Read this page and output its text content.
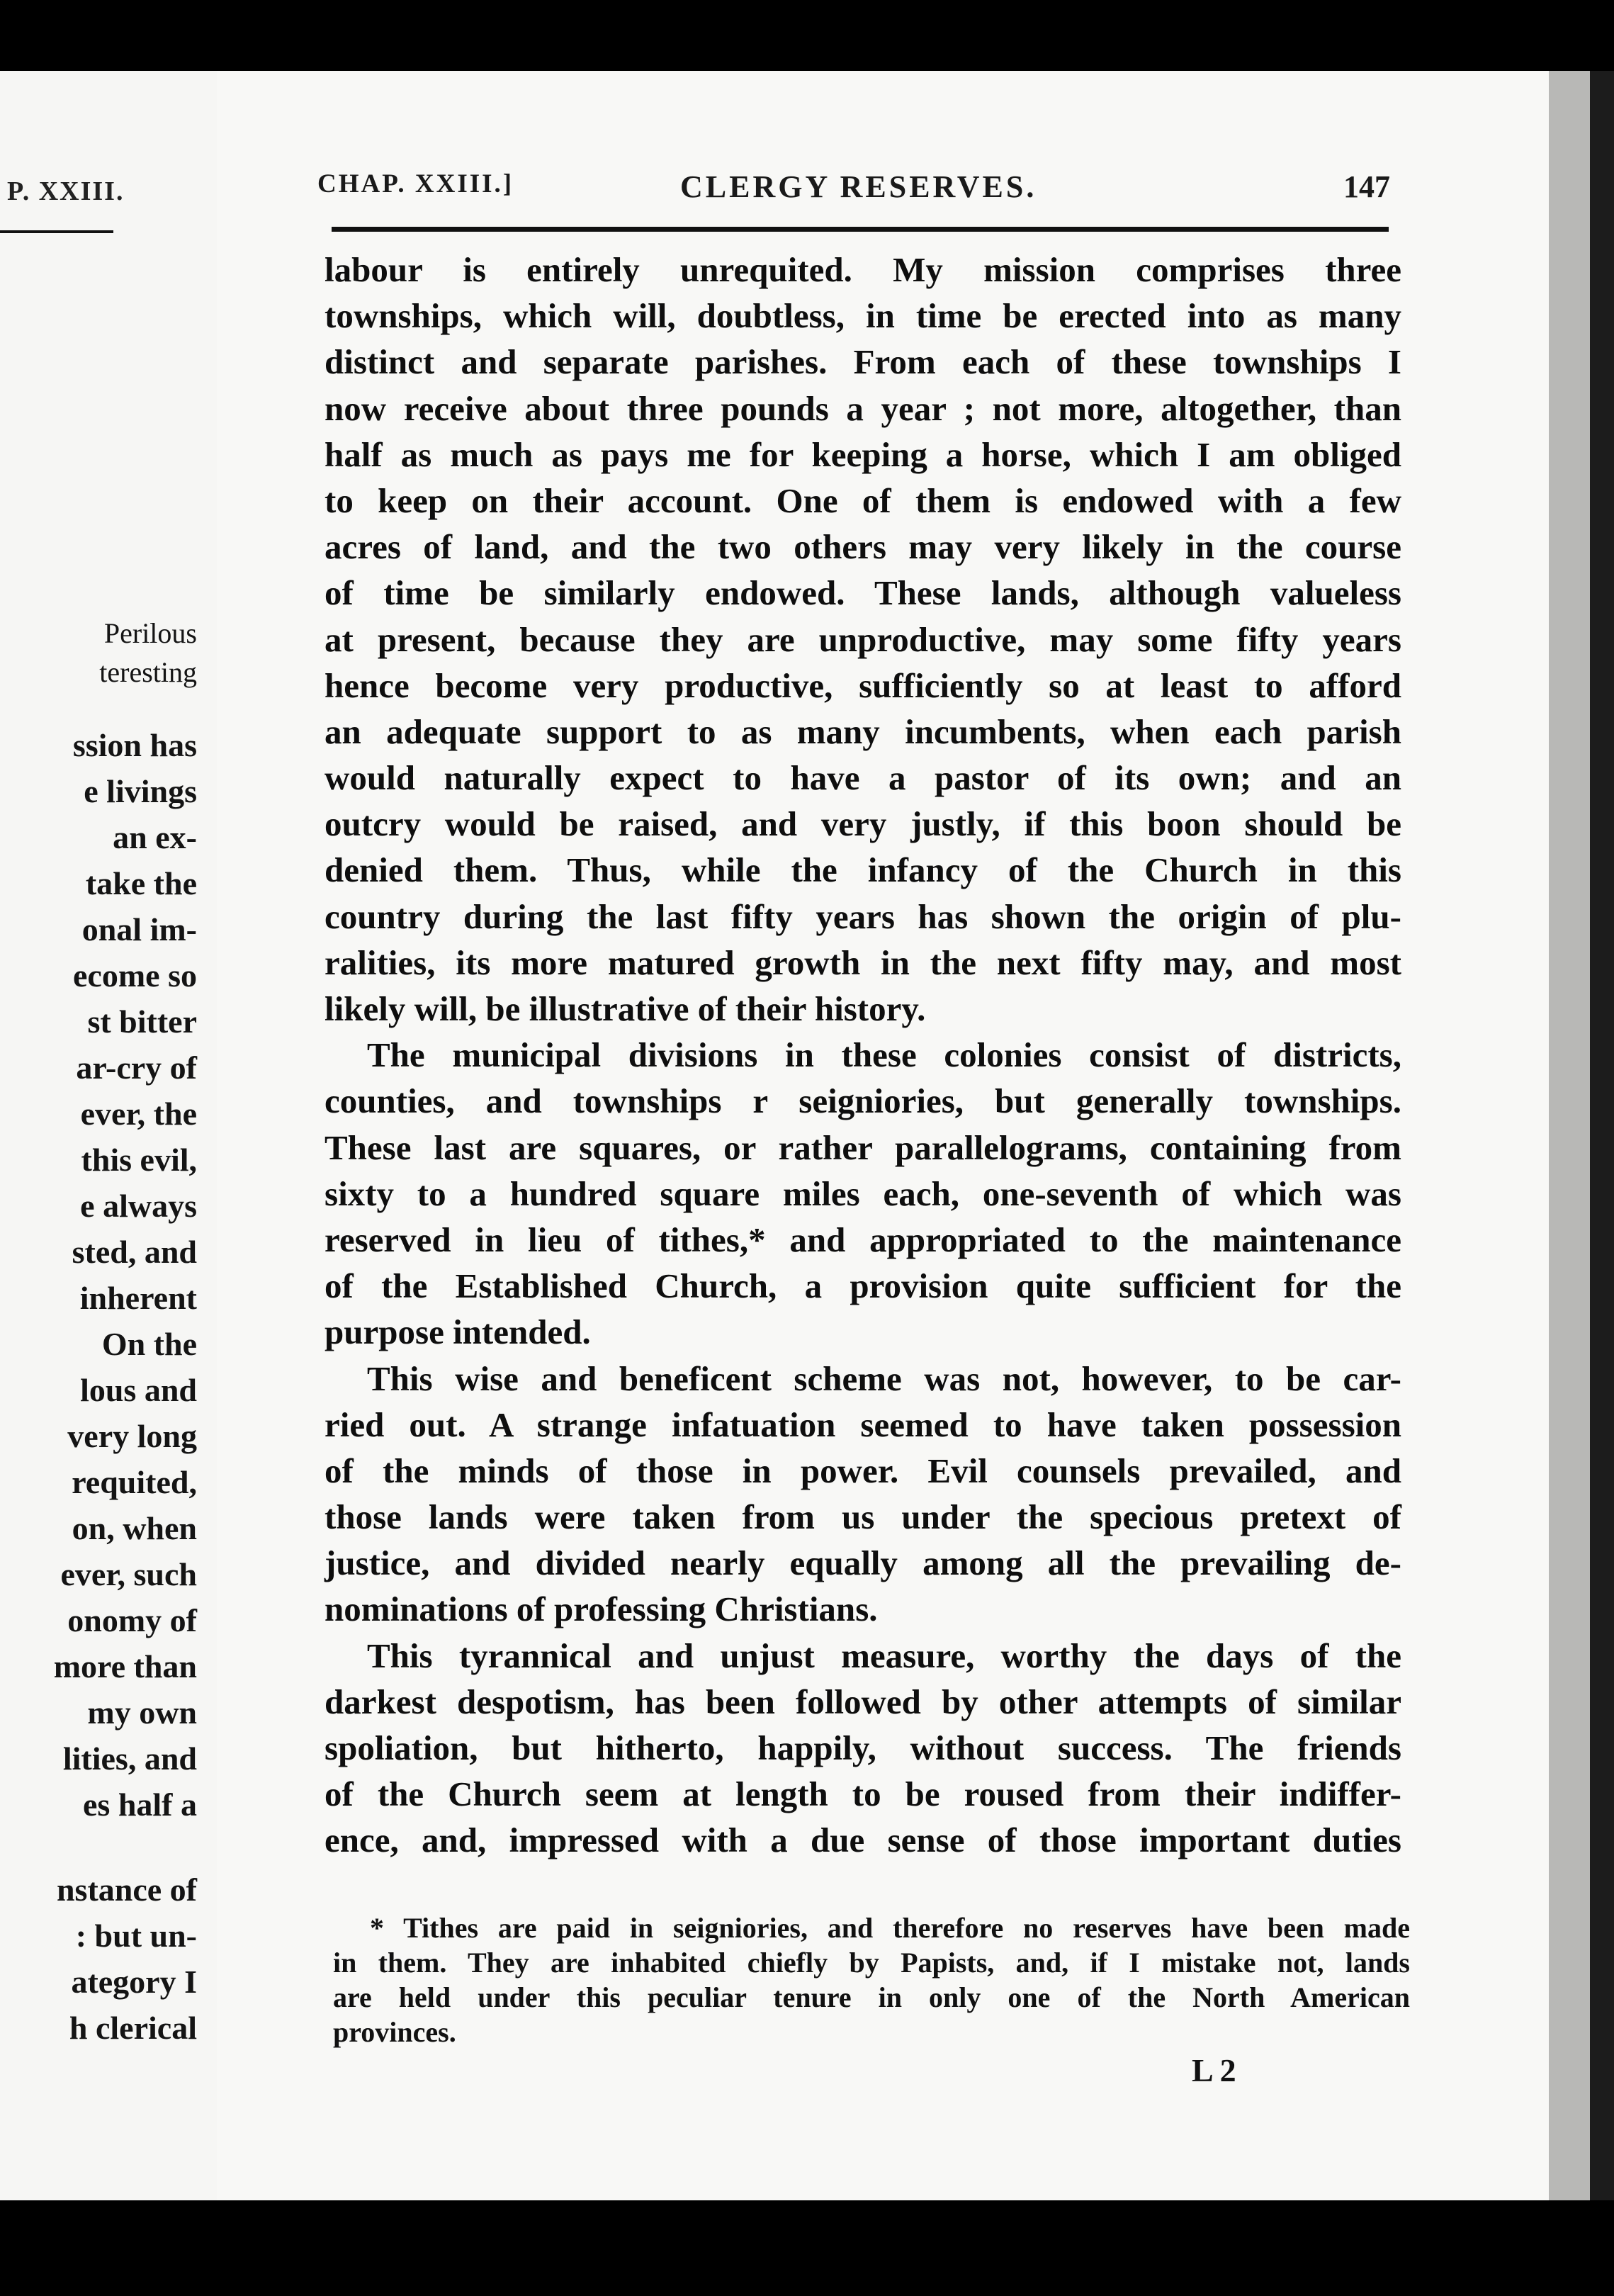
P. XXIII.
Perilous
teresting
ssion has
e livings
an ex-
take the
onal im-
ecome so
st bitter
ar-cry of
ever, the
this evil,
e always
sted, and
inherent
On the
lous and
very long
requited,
on, when
ever, such
onomy of
more than
my own
lities, and
es half a
nstance of
: but un-
ategory I
h clerical
CHAP. XXIII.]	CLERGY RESERVES.	147
labour is entirely unrequited. My mission comprises three
townships, which will, doubtless, in time be erected into as many
distinct and separate parishes. From each of these townships I
now receive about three pounds a year ; not more, altogether, than
half as much as pays me for keeping a horse, which I am obliged
to keep on their account. One of them is endowed with a few
acres of land, and the two others may very likely in the course
of time be similarly endowed. These lands, although valueless
at present, because they are unproductive, may some fifty years
hence become very productive, sufficiently so at least to afford
an adequate support to as many incumbents, when each parish
would naturally expect to have a pastor of its own; and an
outcry would be raised, and very justly, if this boon should be
denied them. Thus, while the infancy of the Church in this
country during the last fifty years has shown the origin of plu-
ralities, its more matured growth in the next fifty may, and most
likely will, be illustrative of their history.
The municipal divisions in these colonies consist of districts,
counties, and townships r seigniories, but generally townships.
These last are squares, or rather parallelograms, containing from
sixty to a hundred square miles each, one-seventh of which was
reserved in lieu of tithes,* and appropriated to the maintenance
of the Established Church, a provision quite sufficient for the
purpose intended.
This wise and beneficent scheme was not, however, to be car-
ried out. A strange infatuation seemed to have taken possession
of the minds of those in power. Evil counsels prevailed, and
those lands were taken from us under the specious pretext of
justice, and divided nearly equally among all the prevailing de-
nominations of professing Christians.
This tyrannical and unjust measure, worthy the days of the
darkest despotism, has been followed by other attempts of similar
spoliation, but hitherto, happily, without success. The friends
of the Church seem at length to be roused from their indiffer-
ence, and, impressed with a due sense of those important duties
* Tithes are paid in seigniories, and therefore no reserves have been made
in them. They are inhabited chiefly by Papists, and, if I mistake not, lands
are held under this peculiar tenure in only one of the North American
provinces.
L 2
